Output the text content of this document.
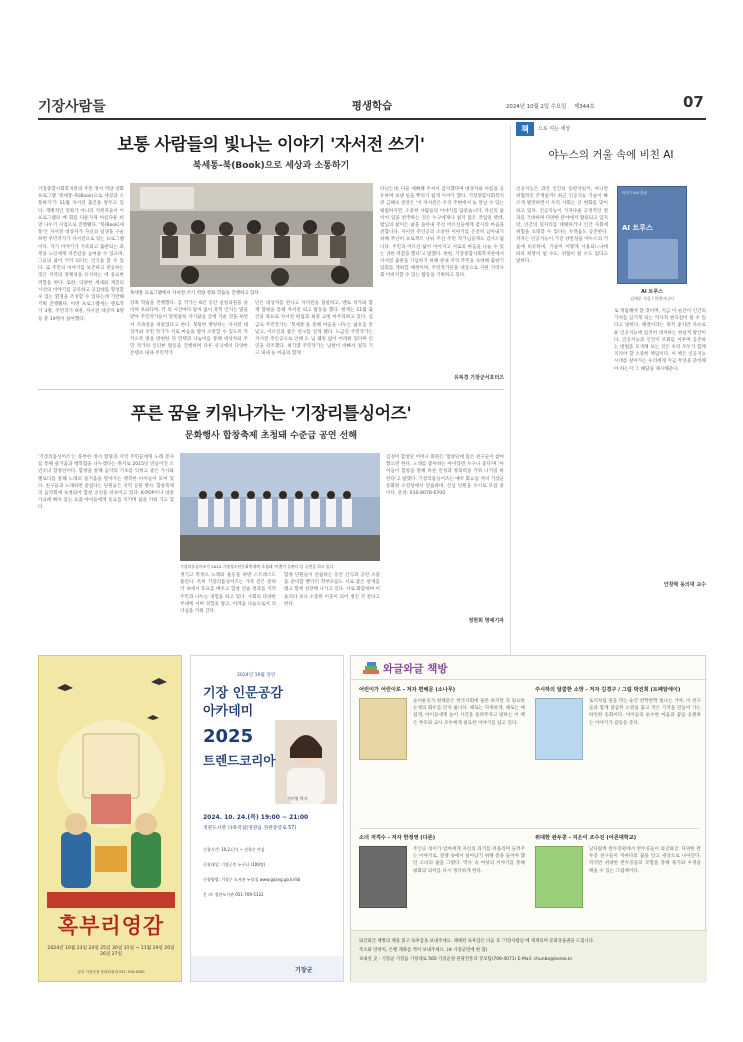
기장사람들	평생학습	2024년 10월 2일 수요일 제344호	07
보통 사람들의 빛나는 이야기 '자서전 쓰기'
북세통-북(Book)으로 세상과 소통하기
기장종합사회복지관의 주민 정서 역량 강화 프로그램 '북세통-북(Book)으로 세상과 소통하기'가 11월 자서전 출간을 앞두고 있다. 개별적인 강좌가 아니라 지원자들이 이 프로그램의 매 회를 다운가게 아름다운 희망 나누기 사업으로 진행됐다. '북(Book)세통'은 자서전 대상자가 자신의 일생을 구술하면 주민작가가 자서전으로 엮는 프로그램이다. 자기 이야기가 기록되고 출판되는 과정을 노인에게 자존감을 높여줄 수 있으며, 그들의 삶이 기억 되다는 인식을 할 수 있다. 또 주민의 이야기를 보존하고 전승하는 것은 지역의 정체성을 유지하는 데 중요한 역할을 한다. 또한, 다양한 세대와 계층의 시선의 이야기를 공유하고 공감대를 형성할 수 있는 환경을 조성할 수 있다는데 기반해 기획 진행됐다. 이번 프로그램에는 멘토작가 3명, 주민작가 9명, 자서전 대상자 8명 등 총 19명이 참여했다.
북세통 프로그램에서 자서전 쓰기 역량 강화 학습을 진행하고 있다
강좌 학습을 진행했다. 김 작가는 6년 동안 일일의원을 졸이며 보와다며, 각 의 시간마다 말씨 없이 북쩍 인지는 말을 받아 주민작가들이 알룩달룩 자기삶을 글에 기운 것을 보면서 지속성을 바랐었다고 한다. 북팅한 방팅하는 자서전 대상자와 주민 작가가 서로 마음을 열어 소통할 수 있도록 카카오톡 방을 방편한 뒤 언택과 나눔이를 통해 대상자와 주민 작가의 인터뷰 활동을 진행하며 다른 유닛에서 다양한 콘텐츠 내내 주민작가
단은 대상자를 만나고 자서전을 집필하고, 멘토 작가와 함께 합평을 통해 자서전 퇴고 활동을 했다. 현재는 11월 출간을 목표로 자서전 편집과 최종 교정 마무리하고 있다. 김금숙 주민작가는 '북세통'을 통해 마음을 나누는 삶유를 만났고, 어르신과 좋은 친구를 얻게 됐다. 노금연 주민작가는 자서전 주인공으로 인해 도 넘 웰빙 없이 어려워 있다며 인연을 강조했다. 최기엽 주민작가는 남편이 바빠서 걸꼭 기고 내내 늘 마음의 함께
다닌는데, 다들 예뻐해 주셔서 감사했다며 대상자와 아름을 공유하며 보낸 일을 뿌리기 쉽게 이야기 했다. 기장종합사회복지관 금혜숙 관장은 '이 자서전은 우리 주변에서 늘 만날 수 있는 평범하지만, 소중한 사람들의 이야기를 담았습니다. 자신의 삶이어 업을 반추하는 것은 누구에게나 쉽지 않은 작업일 텐데, 밥님의 삶이든 삶을 돌아내 주신 어르신들에게 감사의 마음을 전합니다. 자서전 주인공의 소중한 이야기를 온전히 남아내기 위해 무난히 프로젝트 나눠 주신 주민 작가님들께도 감사드립니다. 주민과 어르신 삶이 이어지고 서로의 마음을 나눌 수 있는 귀한 역할을 했다'고 말했다. 한편, 기장종합사회복지관에서 자서전 출판을 기념하기 위해 관내 지역 주민을 초대해 출판기념회를 개최할 예정이며, 주민작가단을 대상으로 지원 지역사회 이바지할 수 있는 활동을 기획하고 있다.
유복경 기장군서포터즈
책 으로 여는 세상
야누스의 거울 속에 비친 AI
인공지능은 과연 인간의 동반자일까, 아니면 위협적인 존재일까? 최근 인공지능 기술이 빠르게 발전하면서 우리 사회는 큰 변화를 맞이하고 있다. 인공지능이 가져다줄 긍정적인 결과를 기대하며 다양한 분야에서 활용되고 있지만, 인간의 일자리를 대체하거나 인간 사회에 위험을 초래할 수 있다는 두려움도 공존한다. 저자는 인공지능이 가진 양면성을 야누스의 거울에 비유하며, 기술이 어떻게 사용되느냐에 따라 희망이 될 수도, 위협이 될 수도 있다고 말한다.
바다TOON 출판
AI 트루스
AI 트루스
김예준 지음 / 한빛미디어
로 정립해야 할 것이며, 지금 이 순간이 인간의 가치를 심기게 되는 역사적 변곡점이 될 수 있다고 말한다. 해결이라는 목적 좋지만 자유로운 인공지능에 엄격히 대처하는 현실적 방안이다. 인공지능과 인간이 조화를 이루며 공존하는 방법을 모색해 보는 것은 우리 모두가 함께 지켜야 할 소중한 책임이다. 이 책은 인공지능 시대를 살아가는 우리에게 지금 무엇을 준비해야 하는지 그 해답을 제시해준다.
안창혁 동의대 교수
푸른 꿈을 키워나가는 '기장리틀싱어즈'
문화행사 합창축제 초청돼 수준급 공연 선해
'기장리틀싱어즈'는 풍부한 정서 함양과 지역 주민들에게 노래 봉사를 통해 즐거움과 행복함을 나누겠다는 취지로 2015년 만들어진 소년소녀 합창단이다. 합창을 통해 음악의 기초를 익히고 좋은 가사와 멜로디를 통해 노래의 즐거움을 알아가는 행복한 아이들이 모여 있다. 친구들과 노래하면 즐겁다는 단원들은 지역 공원 행사, 합창축제의 음악회에 초청되어 합창 공연을 선보이고 있다. K-POP이나 대중가요에 빠져 있는 요즘 아이들에게 동요를 지키며 꿈을 키워 가고 있다.
기장리틀싱어즈가 2024 기장청소년문화축제에 초청돼 '이출이 들판다'들 공연을 하고 있다
생기고 복창오 노래와 율동을 하면 스트레스도 풀린다. 특히 기장리틀싱어즈는 가족 같은 분위기 속에서 동요를 배우고 합창 연습 결과를 지역 주민과 나누는 경험을 하고 있다. 사회의 다양한 무대에 서며 경험을 쌓고, 어려움 나눔으로서 리더십을 키워 간다.
합창 단원들이 연습하는 동안 간식과 공연 소품을 준비할 뿐더러 학부모들도 서로 좋은 관계를 맺고 함께 성장해 나가고 있다. 서로 화합하며 어울리다 보니 소중한 이웃이 되어 생긴 것 같다고 한다.
김경미 합창단 어머니 회원은 '합창단에 많은 친구들이 참여했으면 한다. 노래를 좋아하는 아이라면 누구나 좋다'며 '아이들이 합창을 통해 바른 인성과 창의력을 키워 나가길 바란다'고 말했다. 기장리틀싱어즈는 매주 화요일 저녁 기장군문화원 소강당에서 연습하며, 신입 단원을 수시로 모집 중이다. 문의: 010-8078-6700
정현희 명예기자
혹부리영감
2024년 10월 23일 24일 25일 30일 31일 ~ 11월 19일 20일 26일 27일
문의 기장군청 문화관광과 051-709-4000
2024년 10월 강연
기장 인문공감
아카데미
2025
트렌드코리아
전미영 박사
2024. 10. 24.(목) 19:00 ~ 21:00
정관도서관 다목적실(정관읍 정관중앙로 57)
신청기간: 10.2.(수) ~ 선착순 마감
신청대상: 기장군민 누구나 (100명)
신청방법: 기장군 도서관 누리집 www.gijang.go.kr/lib
문 의: 정관도서관 051-709-5322
기장군
와글와글 책방
어린이가 어린이로 - 저자 편해문 (소나무)
놀이운동가 편해문은 한국사회에 물론 하지만 꼭 필요한 논쟁의 화두를 던져 줍니다. 때로는 다정하게, 때로는 매섭게, 아이들에게 놀이 시간을 돌려주자고 말하는 이 책은 부모와 교사 모두에게 필요한 이야기를 담고 있다.
주시하의 달콤한 소망 - 저자 김경구 / 그림 박진희 (트페알에이)
토끼처럼 말을 먹는 순간 반짝반짝 빛나는 거야. 이 친구들과 함께 달콤한 소망을 품고 작은 기적을 만들어 가는 따뜻한 동화이다. 아이들의 순수한 마음과 꿈을 응원하는 이야기가 감동을 준다.
소녀 저격수 - 저자 한정영 (다른)
주인공 성이가 엄마에게 자신의 과거를 떠올리며 들려주는 이야기로, 전쟁 속에서 살아남기 위해 총을 들어야 했던 소녀의 삶을 그렸다. 역사 속 여성의 이야기를 통해 평화의 의미를 다시 생각하게 한다.
위대한 완두콩 - 지은이 조수진 (어콘대학교)
날다람쥐 완두콩평에서 완두콩들이 와글와글. 다양한 완두콩 친구들이 저마다의 꿈을 안고 세상으로 나아간다. 작지만 위대한 완두콩들의 모험을 통해 용기와 우정을 배울 수 있는 그림책이다.
와글와글 책방의 책을 읽고 독후감을 보내주세요. 채택된 독후감은 다음 호 '기장사람들'에 게재되며 문화상품권을 드립니다.
주소와 연락처, 은행 계좌를 적어 보내주세요. (※ 기장군민에 한 함)
보내실 곳 : 기장군 기장읍 기장대로 560 기장군청 관광진흥과 궁보팀(709-4071) E-Mail: chunbo@korea.kr
